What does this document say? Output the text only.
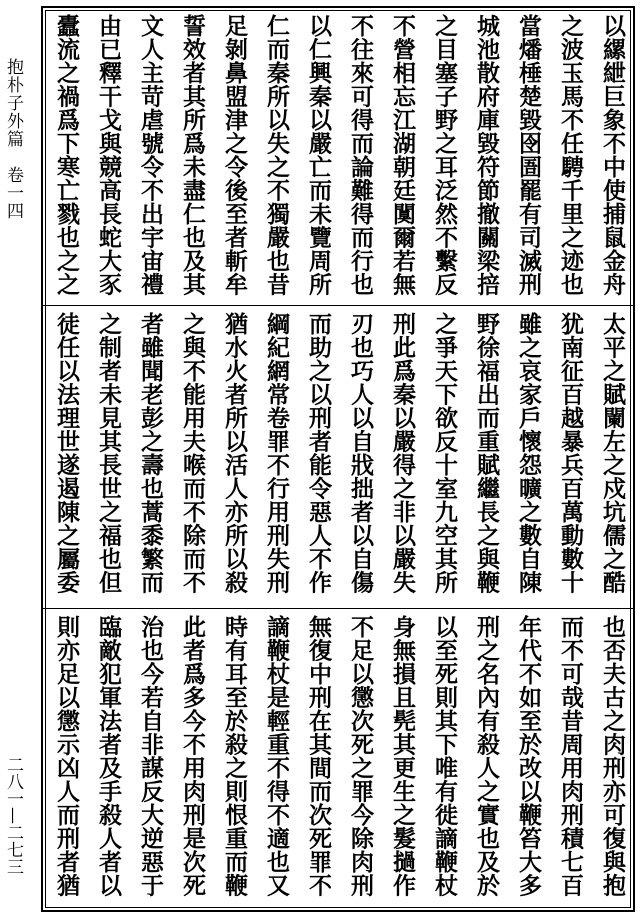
抱朴子外篇　卷一四
二八一—二七三
以縲紲巨象不中使捕鼠金舟
之波玉馬不任騁千里之迹也
當燔棰楚毀囹圄罷有司滅刑
城池散府庫毀符節撤關梁掊
之目塞子野之耳泛然不繫反
不營相忘江湖朝廷闃爾若無
不往來可得而論難得而行也
以仁興秦以嚴亡而未覽周所
仁而秦所以失之不獨嚴也昔
足剝鼻盟津之令後至者斬牟
誓效者其所爲未盡仁也及其
文人主苛虐號令不出宇宙禮
由已釋干戈與競高長蛇大豕
蠹流之禍爲下寒亡戮也之之
太平之賦闌左之戍坑儒之酷
犹南征百越暴兵百萬動數十
雖之哀家戶懷怨曠之數自陳
野徐福出而重賦繼長之與鞭
之爭天下欲反十室九空其所
刑此爲秦以嚴得之非以嚴失
刃也巧人以自戕拙者以自傷
而助之以刑者能令惡人不作
綱紀網常卷罪不行用刑失刑
猶水火者所以活人亦所以殺
之與不能用夫喉而不除而不
者雖聞老彭之壽也蒿黍繁而
之制者未見其長世之福也但
徒任以法理世遂遏陳之屬委
也否夫古之肉刑亦可復與抱
而不可哉昔周用肉刑積七百
年代不如至於改以鞭笞大多
刑之名內有殺人之實也及於
以至死則其下唯有徙謫鞭杖
身無損且髡其更生之髮撾作
不足以懲次死之罪今除肉刑
無復中刑在其間而次死罪不
謫鞭杖是輕重不得不適也又
時有耳至於殺之則恨重而鞭
此者爲多今不用肉刑是次死
治也今若自非謀反大逆惡于
臨敵犯軍法者及手殺人者以
則亦足以懲示凶人而刑者猶
